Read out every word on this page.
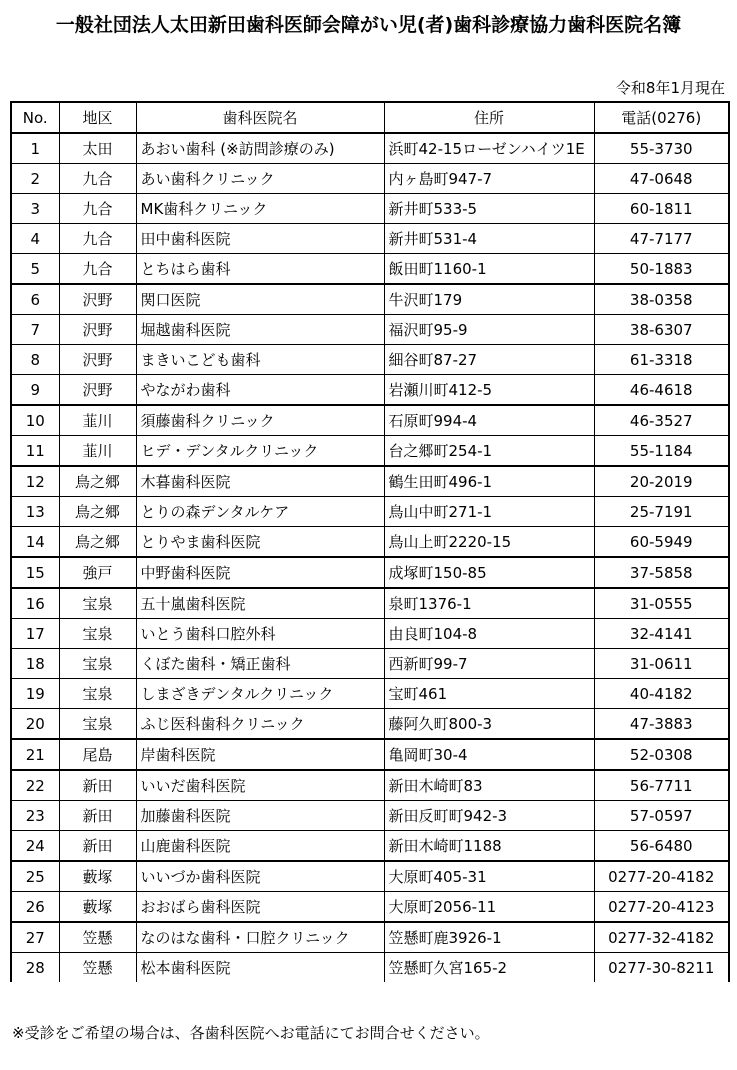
一般社団法人太田新田歯科医師会障がい児(者)歯科診療協力歯科医院名簿
令和8年1月現在
No.	地区	歯科医院名	住所	電話(0276)
1	太田	あおい歯科 (※訪問診療のみ)	浜町42-15ローゼンハイツ1E	55-3730
2	九合	あい歯科クリニック	内ヶ島町947-7	47-0648
3	九合	MK歯科クリニック	新井町533-5	60-1811
4	九合	田中歯科医院	新井町531-4	47-7177
5	九合	とちはら歯科	飯田町1160-1	50-1883
6	沢野	関口医院	牛沢町179	38-0358
7	沢野	堀越歯科医院	福沢町95-9	38-6307
8	沢野	まきいこども歯科	細谷町87-27	61-3318
9	沢野	やながわ歯科	岩瀬川町412-5	46-4618
10	韮川	須藤歯科クリニック	石原町994-4	46-3527
11	韮川	ヒデ・デンタルクリニック	台之郷町254-1	55-1184
12	鳥之郷	木暮歯科医院	鶴生田町496-1	20-2019
13	鳥之郷	とりの森デンタルケア	鳥山中町271-1	25-7191
14	鳥之郷	とりやま歯科医院	鳥山上町2220-15	60-5949
15	強戸	中野歯科医院	成塚町150-85	37-5858
16	宝泉	五十嵐歯科医院	泉町1376-1	31-0555
17	宝泉	いとう歯科口腔外科	由良町104-8	32-4141
18	宝泉	くぼた歯科・矯正歯科	西新町99-7	31-0611
19	宝泉	しまざきデンタルクリニック	宝町461	40-4182
20	宝泉	ふじ医科歯科クリニック	藤阿久町800-3	47-3883
21	尾島	岸歯科医院	亀岡町30-4	52-0308
22	新田	いいだ歯科医院	新田木崎町83	56-7711
23	新田	加藤歯科医院	新田反町町942-3	57-0597
24	新田	山鹿歯科医院	新田木崎町1188	56-6480
25	藪塚	いいづか歯科医院	大原町405-31	0277-20-4182
26	藪塚	おおばら歯科医院	大原町2056-11	0277-20-4123
27	笠懸	なのはな歯科・口腔クリニック	笠懸町鹿3926-1	0277-32-4182
28	笠懸	松本歯科医院	笠懸町久宮165-2	0277-30-8211
※受診をご希望の場合は、各歯科医院へお電話にてお問合せください。
